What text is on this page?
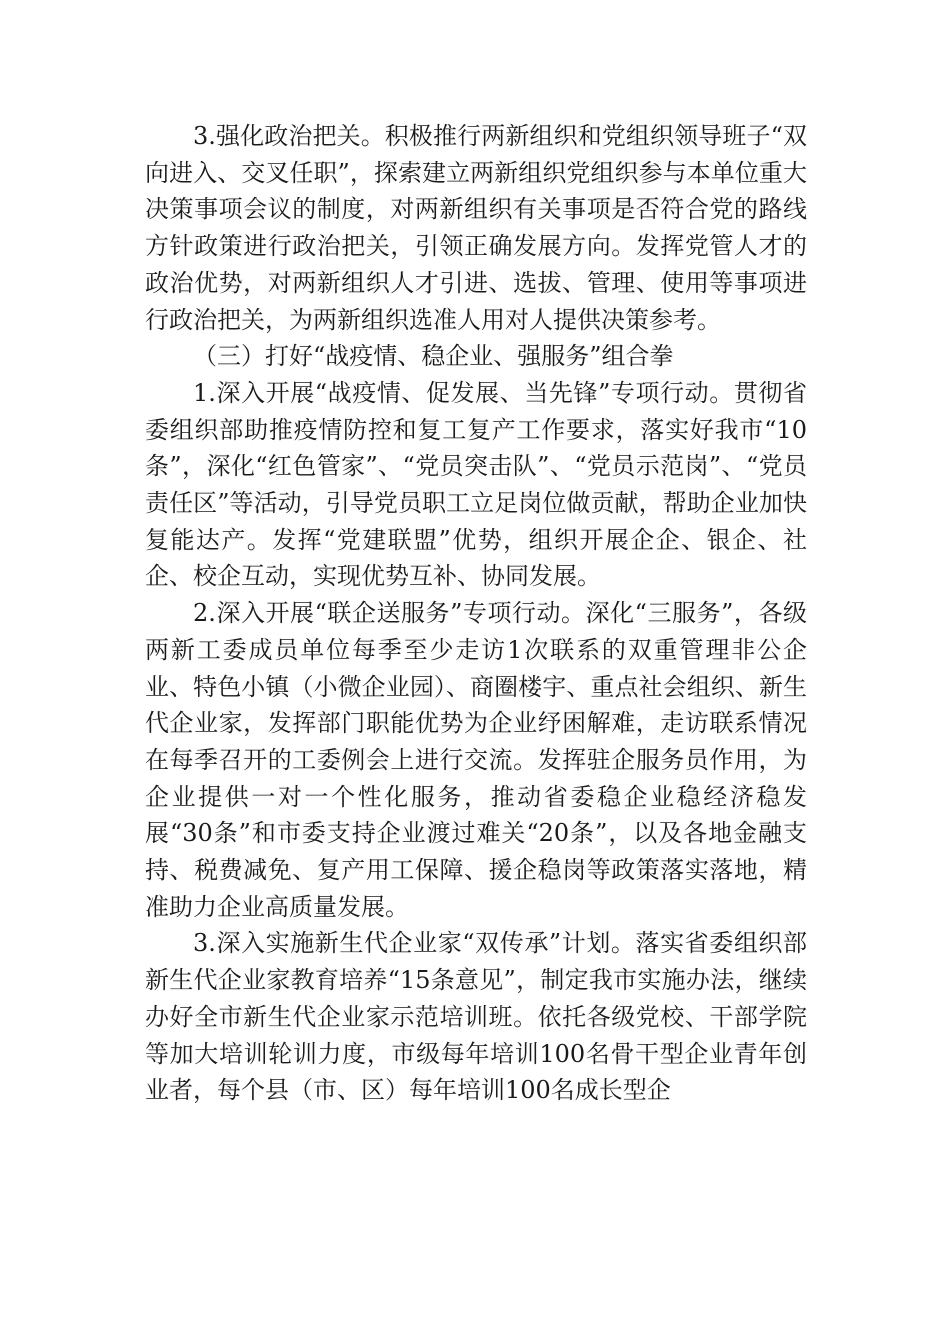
3.强化政治把关。积极推行两新组织和党组织领导班子“双向进入、交叉任职”，探索建立两新组织党组织参与本单位重大决策事项会议的制度，对两新组织有关事项是否符合党的路线方针政策进行政治把关，引领正确发展方向。发挥党管人才的政治优势，对两新组织人才引进、选拔、管理、使用等事项进行政治把关，为两新组织选准人用对人提供决策参考。

（三）打好“战疫情、稳企业、强服务”组合拳

1.深入开展“战疫情、促发展、当先锋”专项行动。贯彻省委组织部助推疫情防控和复工复产工作要求，落实好我市“10条”，深化“红色管家”、“党员突击队”、“党员示范岗”、“党员责任区”等活动，引导党员职工立足岗位做贡献，帮助企业加快复能达产。发挥“党建联盟”优势，组织开展企企、银企、社企、校企互动，实现优势互补、协同发展。

2.深入开展“联企送服务”专项行动。深化“三服务”，各级两新工委成员单位每季至少走访1次联系的双重管理非公企业、特色小镇（小微企业园）、商圈楼宇、重点社会组织、新生代企业家，发挥部门职能优势为企业纾困解难，走访联系情况在每季召开的工委例会上进行交流。发挥驻企服务员作用，为企业提供一对一个性化服务，推动省委稳企业稳经济稳发展“30条”和市委支持企业渡过难关“20条”，以及各地金融支持、税费减免、复产用工保障、援企稳岗等政策落实落地，精准助力企业高质量发展。

3.深入实施新生代企业家“双传承”计划。落实省委组织部新生代企业家教育培养“15条意见”，制定我市实施办法，继续办好全市新生代企业家示范培训班。依托各级党校、干部学院等加大培训轮训力度，市级每年培训100名骨干型企业青年创业者，每个县（市、区）每年培训100名成长型企
